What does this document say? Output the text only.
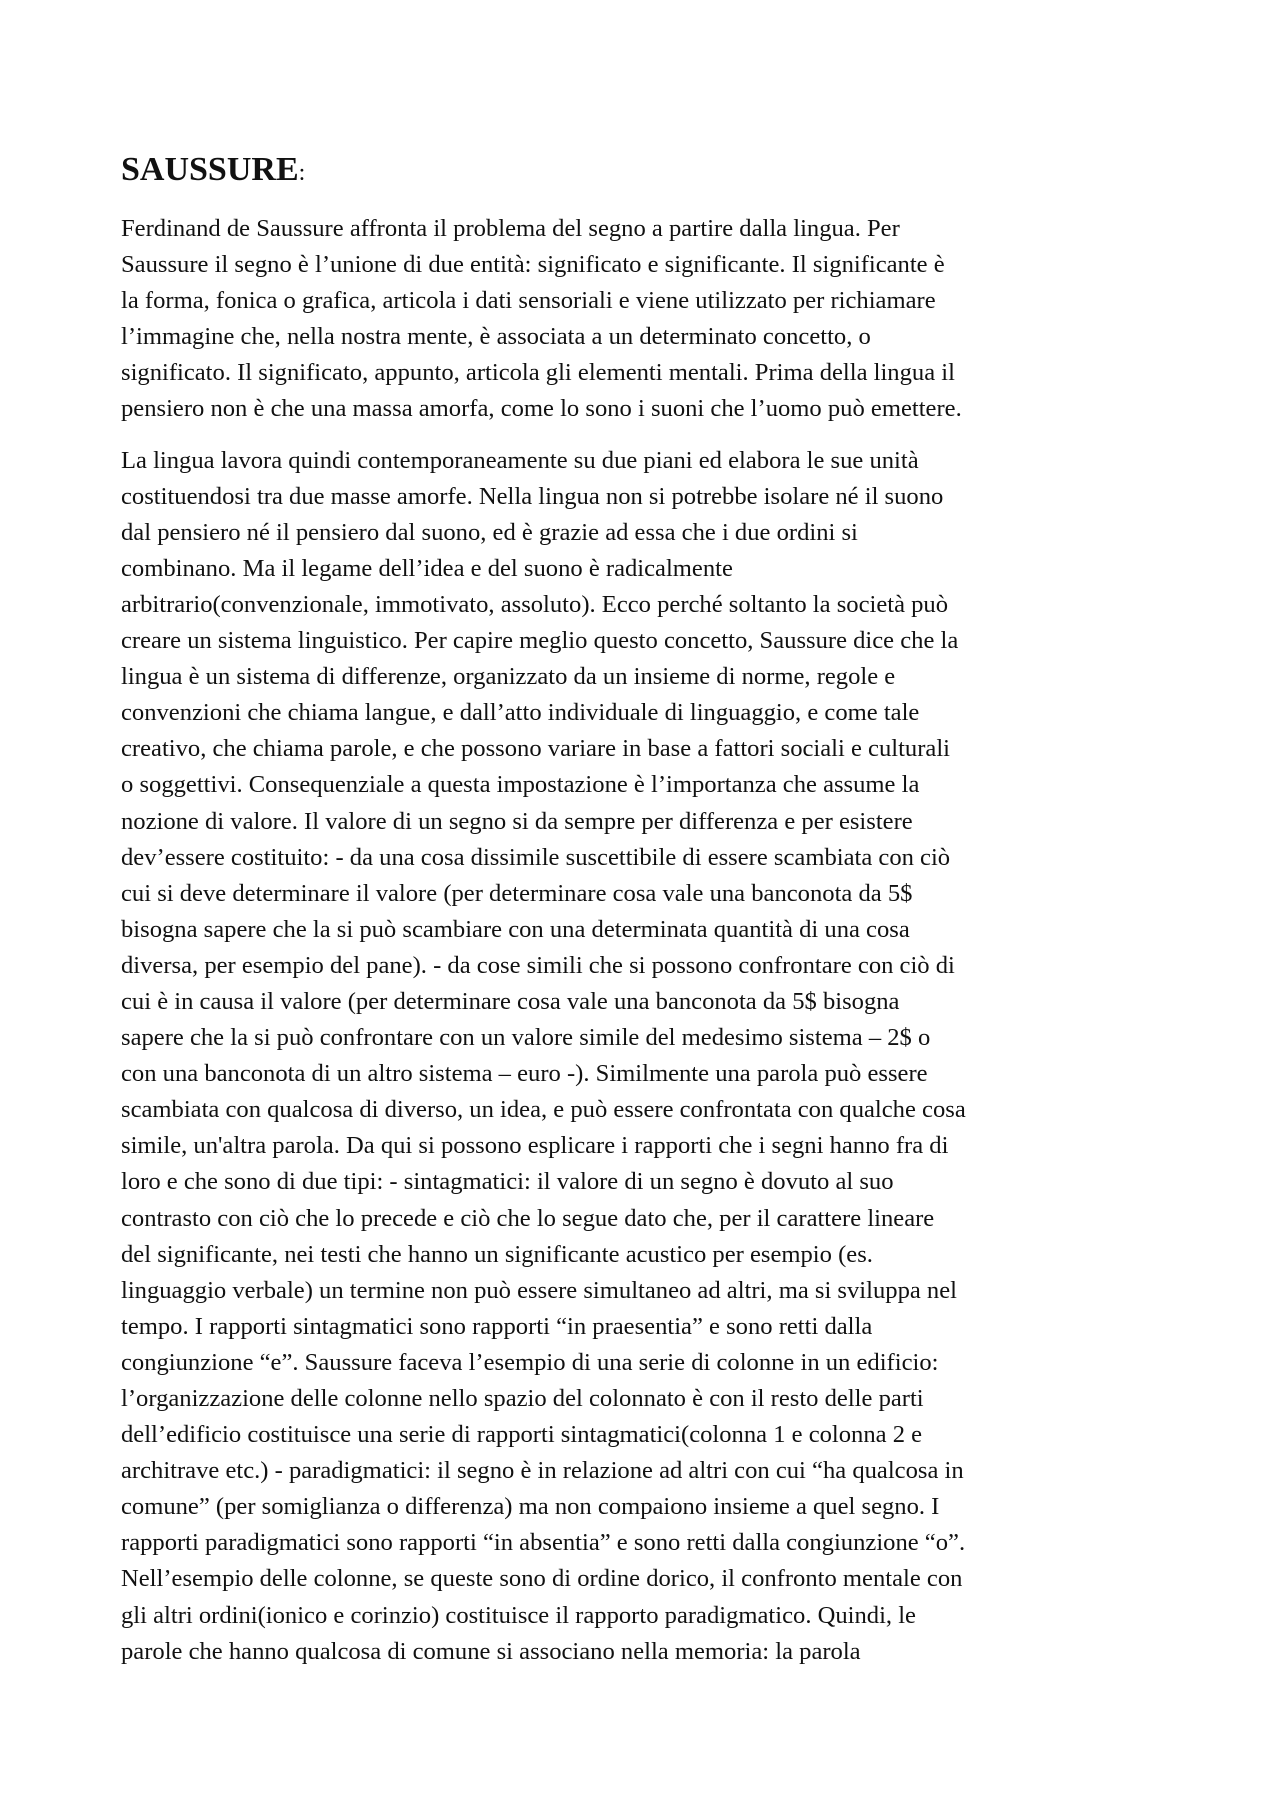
SAUSSURE:
Ferdinand de Saussure affronta il problema del segno a partire dalla lingua. Per
Saussure il segno è l’unione di due entità: significato e significante. Il significante è
la forma, fonica o grafica, articola i dati sensoriali e viene utilizzato per richiamare
l’immagine che, nella nostra mente, è associata a un determinato concetto, o
significato. Il significato, appunto, articola gli elementi mentali. Prima della lingua il
pensiero non è che una massa amorfa, come lo sono i suoni che l’uomo può emettere.
La lingua lavora quindi contemporaneamente su due piani ed elabora le sue unità
costituendosi tra due masse amorfe. Nella lingua non si potrebbe isolare né il suono
dal pensiero né il pensiero dal suono, ed è grazie ad essa che i due ordini si
combinano. Ma il legame dell’idea e del suono è radicalmente
arbitrario(convenzionale, immotivato, assoluto). Ecco perché soltanto la società può
creare un sistema linguistico. Per capire meglio questo concetto, Saussure dice che la
lingua è un sistema di differenze, organizzato da un insieme di norme, regole e
convenzioni che chiama langue, e dall’atto individuale di linguaggio, e come tale
creativo, che chiama parole, e che possono variare in base a fattori sociali e culturali
o soggettivi. Consequenziale a questa impostazione è l’importanza che assume la
nozione di valore. Il valore di un segno si da sempre per differenza e per esistere
dev’essere costituito: - da una cosa dissimile suscettibile di essere scambiata con ciò
cui si deve determinare il valore (per determinare cosa vale una banconota da 5$
bisogna sapere che la si può scambiare con una determinata quantità di una cosa
diversa, per esempio del pane). - da cose simili che si possono confrontare con ciò di
cui è in causa il valore (per determinare cosa vale una banconota da 5$ bisogna
sapere che la si può confrontare con un valore simile del medesimo sistema – 2$ o
con una banconota di un altro sistema – euro -). Similmente una parola può essere
scambiata con qualcosa di diverso, un idea, e può essere confrontata con qualche cosa
simile, un'altra parola. Da qui si possono esplicare i rapporti che i segni hanno fra di
loro e che sono di due tipi: - sintagmatici: il valore di un segno è dovuto al suo
contrasto con ciò che lo precede e ciò che lo segue dato che, per il carattere lineare
del significante, nei testi che hanno un significante acustico per esempio (es.
linguaggio verbale) un termine non può essere simultaneo ad altri, ma si sviluppa nel
tempo. I rapporti sintagmatici sono rapporti “in praesentia” e sono retti dalla
congiunzione “e”. Saussure faceva l’esempio di una serie di colonne in un edificio:
l’organizzazione delle colonne nello spazio del colonnato è con il resto delle parti
dell’edificio costituisce una serie di rapporti sintagmatici(colonna 1 e colonna 2 e
architrave etc.) - paradigmatici: il segno è in relazione ad altri con cui “ha qualcosa in
comune” (per somiglianza o differenza) ma non compaiono insieme a quel segno. I
rapporti paradigmatici sono rapporti “in absentia” e sono retti dalla congiunzione “o”.
Nell’esempio delle colonne, se queste sono di ordine dorico, il confronto mentale con
gli altri ordini(ionico e corinzio) costituisce il rapporto paradigmatico. Quindi, le
parole che hanno qualcosa di comune si associano nella memoria: la parola
